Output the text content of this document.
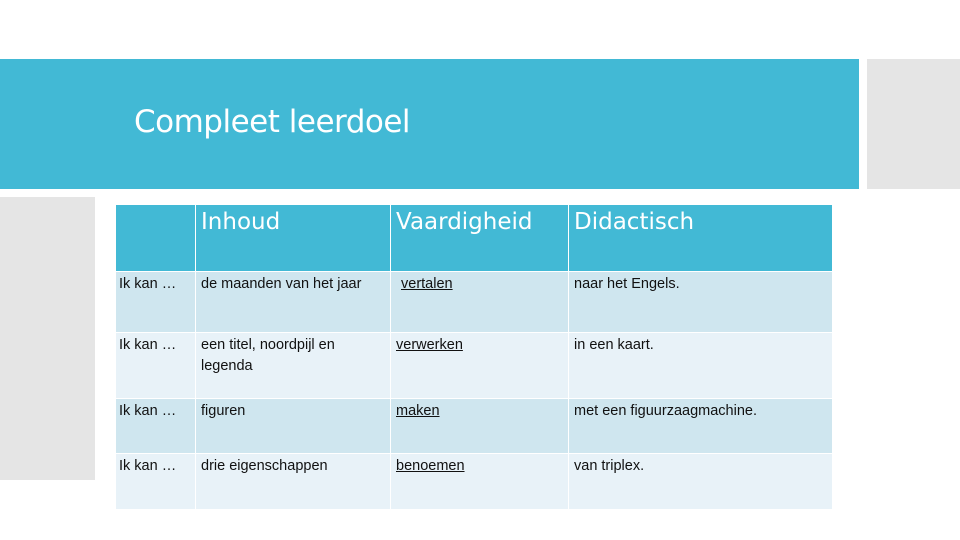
Compleet leerdoel
	Inhoud	Vaardigheid	Didactisch
Ik kan …	de maanden van het jaar	vertalen	naar het Engels.
Ik kan …	een titel, noordpijl en legenda	verwerken	in een kaart.
Ik kan …	figuren	maken	met een figuurzaagmachine.
Ik kan …	drie eigenschappen	benoemen	van triplex.
